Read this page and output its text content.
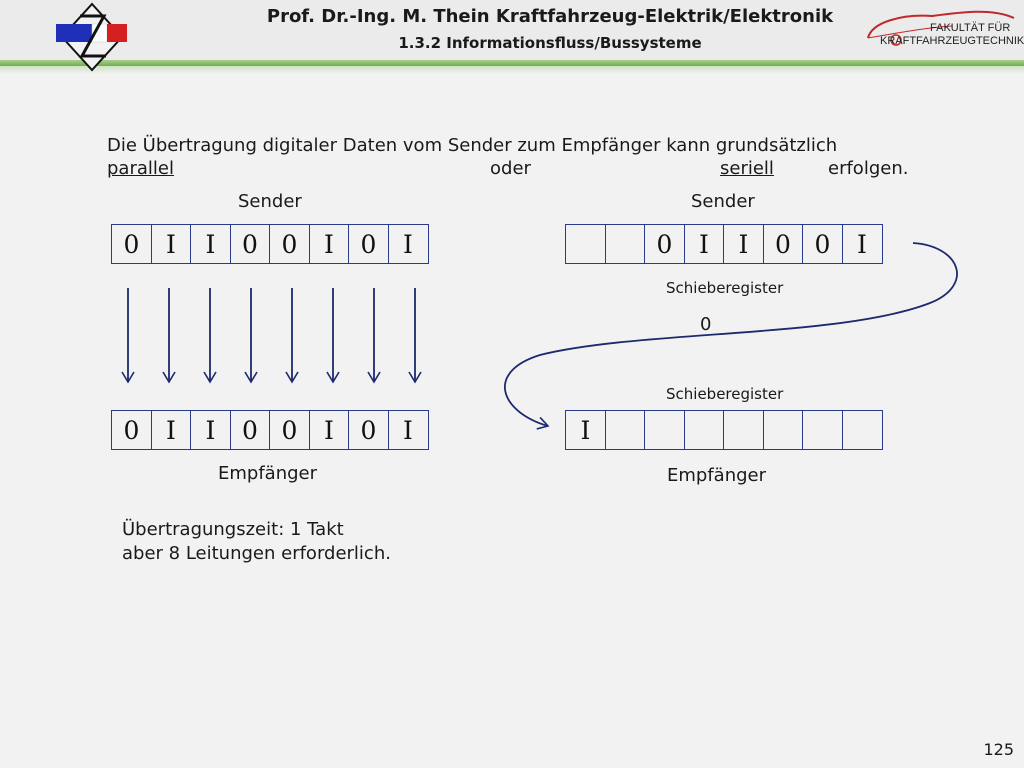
Prof. Dr.-Ing. M. Thein Kraftfahrzeug-Elektrik/Elektronik
1.3.2 Informationsfluss/Bussysteme
FAKULTÄT FÜR
KRAFTFAHRZEUGTECHNIK
Die Übertragung digitaler Daten vom Sender zum Empfänger kann grundsätzlich
parallel	oder	seriell	erfolgen.
Sender
0	I	I	0 0	I	0	I
0	I	I	0 0	I	0	I
Empfänger
Übertragungszeit: 1 Takt
aber 8 Leitungen erforderlich.
Sender
0	I	I	0 0	I
Schieberegister
0
Schieberegister
I
Empfänger
125
